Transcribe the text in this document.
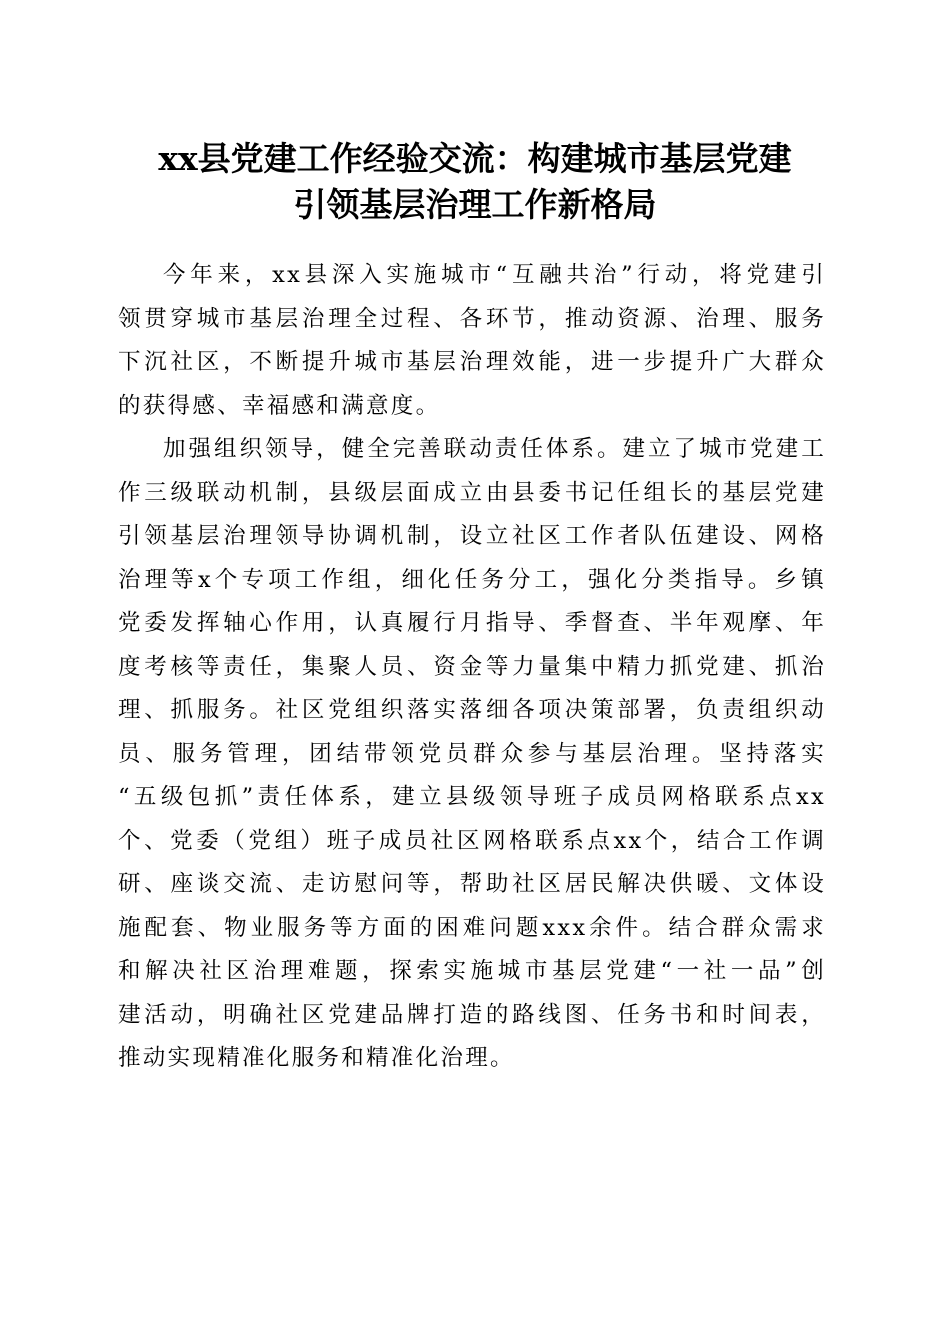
xx县党建工作经验交流：构建城市基层党建
引领基层治理工作新格局
今年来，xx县深入实施城市“互融共治”行动，将党建引
领贯穿城市基层治理全过程、各环节，推动资源、治理、服务
下沉社区，不断提升城市基层治理效能，进一步提升广大群众
的获得感、幸福感和满意度。
加强组织领导，健全完善联动责任体系。建立了城市党建工
作三级联动机制，县级层面成立由县委书记任组长的基层党建
引领基层治理领导协调机制，设立社区工作者队伍建设、网格
治理等x个专项工作组，细化任务分工，强化分类指导。乡镇
党委发挥轴心作用，认真履行月指导、季督查、半年观摩、年
度考核等责任，集聚人员、资金等力量集中精力抓党建、抓治
理、抓服务。社区党组织落实落细各项决策部署，负责组织动
员、服务管理，团结带领党员群众参与基层治理。坚持落实
“五级包抓”责任体系，建立县级领导班子成员网格联系点xx
个、党委（党组）班子成员社区网格联系点xx个，结合工作调
研、座谈交流、走访慰问等，帮助社区居民解决供暖、文体设
施配套、物业服务等方面的困难问题xxx余件。结合群众需求
和解决社区治理难题，探索实施城市基层党建“一社一品”创
建活动，明确社区党建品牌打造的路线图、任务书和时间表，
推动实现精准化服务和精准化治理。
